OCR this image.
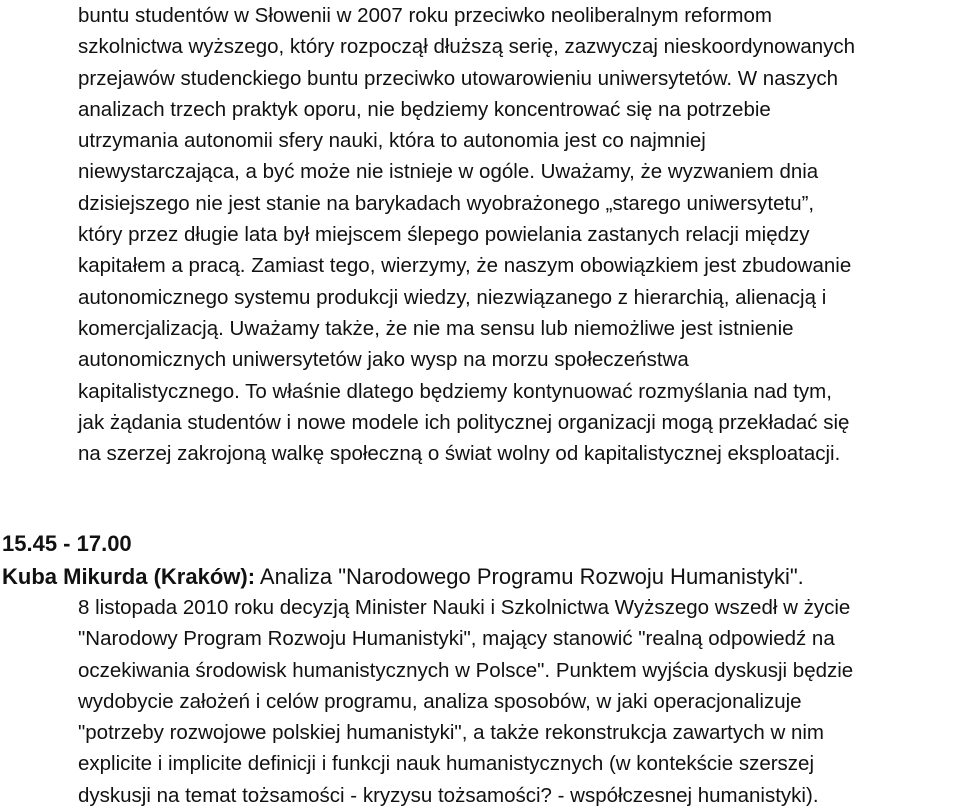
buntu studentów w Słowenii w 2007 roku przeciwko neoliberalnym reformom
szkolnictwa wyższego, który rozpoczął dłuższą serię, zazwyczaj nieskoordynowanych
przejawów studenckiego buntu przeciwko utowarowieniu uniwersytetów. W naszych
analizach trzech praktyk oporu, nie będziemy koncentrować się na potrzebie
utrzymania autonomii sfery nauki, która to autonomia jest co najmniej
niewystarczająca, a być może nie istnieje w ogóle. Uważamy, że wyzwaniem dnia
dzisiejszego nie jest stanie na barykadach wyobrażonego „starego uniwersytetu”,
który przez długie lata był miejscem ślepego powielania zastanych relacji między
kapitałem a pracą. Zamiast tego, wierzymy, że naszym obowiązkiem jest zbudowanie
autonomicznego systemu produkcji wiedzy, niezwiązanego z hierarchią, alienacją i
komercjalizacją. Uważamy także, że nie ma sensu lub niemożliwe jest istnienie
autonomicznych uniwersytetów jako wysp na morzu społeczeństwa
kapitalistycznego. To właśnie dlatego będziemy kontynuować rozmyślania nad tym,
jak żądania studentów i nowe modele ich politycznej organizacji mogą przekładać się
na szerzej zakrojoną walkę społeczną o świat wolny od kapitalistycznej eksploatacji.

15.45 - 17.00

Kuba Mikurda (Kraków): Analiza "Narodowego Programu Rozwoju Humanistyki".

8 listopada 2010 roku decyzją Minister Nauki i Szkolnictwa Wyższego wszedł w życie
"Narodowy Program Rozwoju Humanistyki", mający stanowić "realną odpowiedź na
oczekiwania środowisk humanistycznych w Polsce". Punktem wyjścia dyskusji będzie
wydobycie założeń i celów programu, analiza sposobów, w jaki operacjonalizuje
"potrzeby rozwojowe polskiej humanistyki", a także rekonstrukcja zawartych w nim
explicite i implicite definicji i funkcji nauk humanistycznych (w kontekście szerszej
dyskusji na temat tożsamości - kryzysu tożsamości? - współczesnej humanistyki).
